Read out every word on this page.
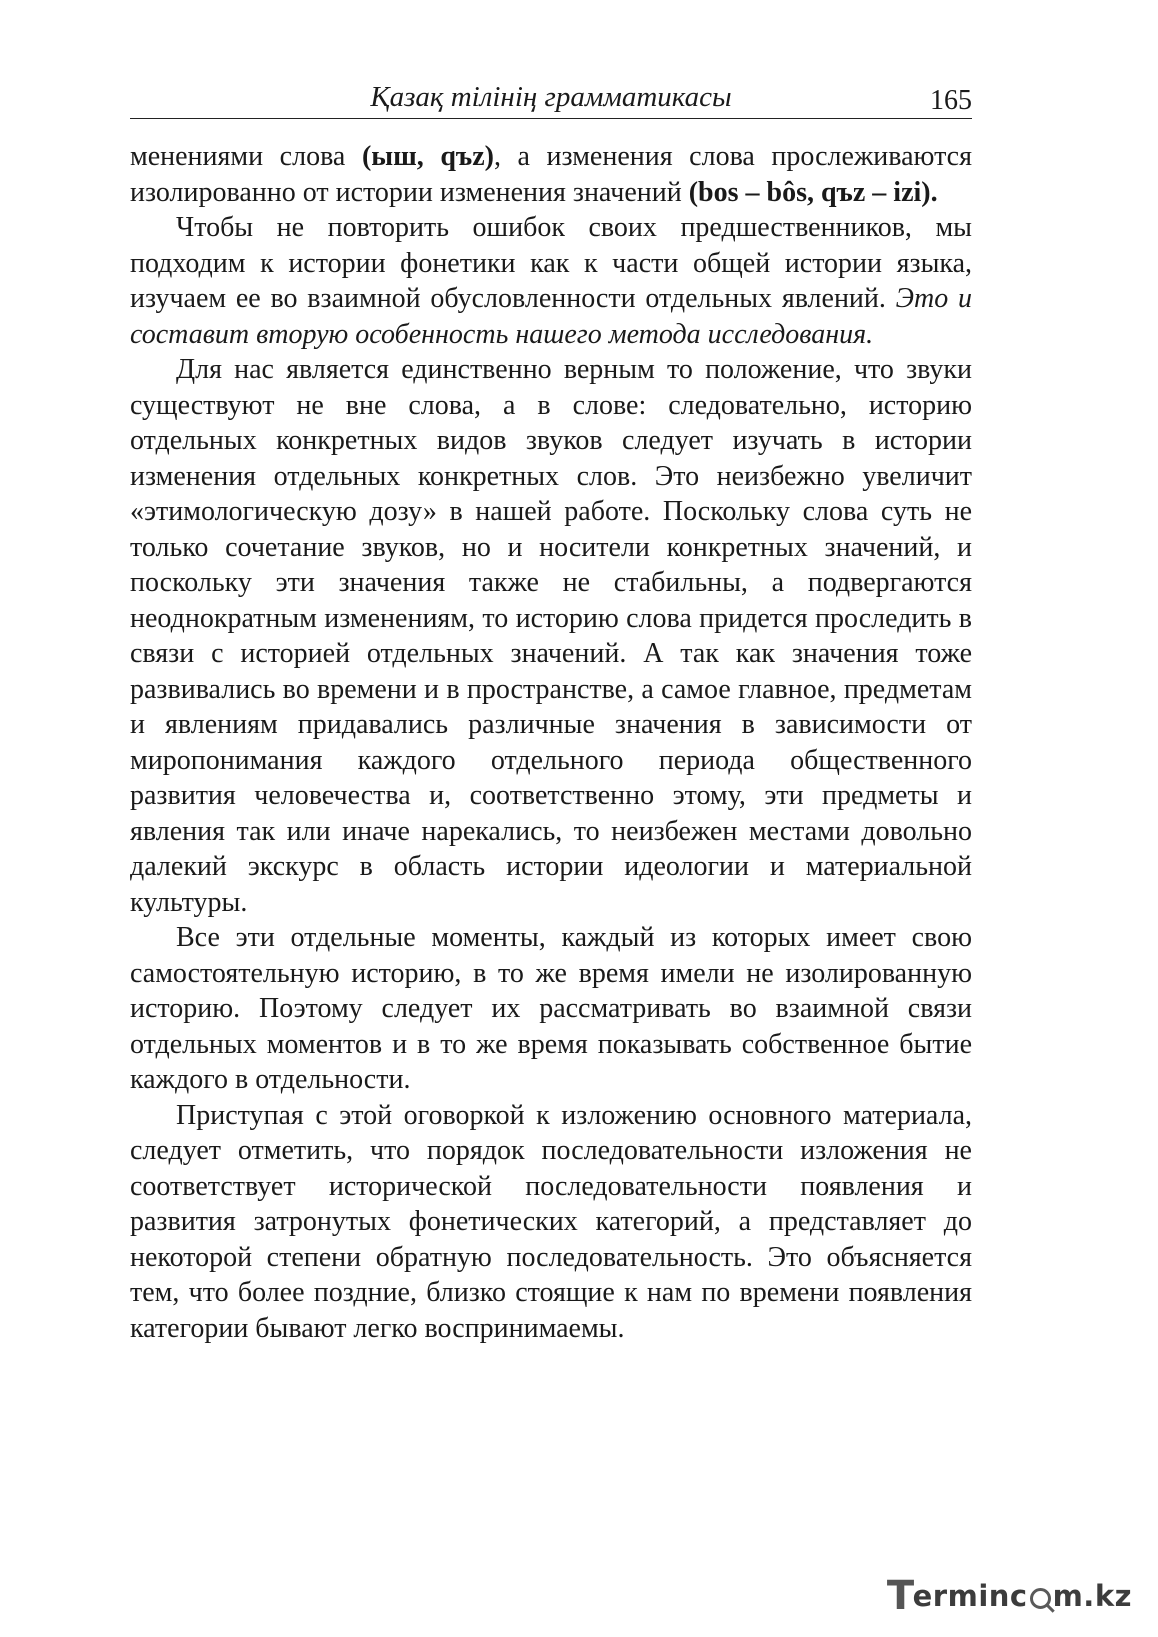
Қазақ тілінің грамматикасы	165

менениями слова (ыш, qъz), а изменения слова прослеживаются изолированно от истории изменения значений (bos – bôs, qъz – izi).

Чтобы не повторить ошибок своих предшественников, мы подходим к истории фонетики как к части общей истории языка, изучаем ее во взаимной обусловленности отдельных явлений. Это и составит вторую особенность нашего метода исследования.

Для нас является единственно верным то положение, что звуки существуют не вне слова, а в слове: следовательно, историю отдельных конкретных видов звуков следует изучать в истории изменения отдельных конкретных слов. Это неизбежно увеличит «этимологическую дозу» в нашей работе. Поскольку слова суть не только сочетание звуков, но и носители конкретных значений, и поскольку эти значения также не стабильны, а подвергаются неоднократным изменениям, то историю слова придется проследить в связи с историей отдельных значений. А так как значения тоже развивались во времени и в пространстве, а самое главное, предметам и явлениям придавались различные значения в зависимости от миропонимания каждого отдельного периода общественного развития человечества и, соответственно этому, эти предметы и явления так или иначе нарекались, то неизбежен местами довольно далекий экскурс в область истории идеологии и материальной культуры.

Все эти отдельные моменты, каждый из которых имеет свою самостоятельную историю, в то же время имели не изолированную историю. Поэтому следует их рассматривать во взаимной связи отдельных моментов и в то же время показывать собственное бытие каждого в отдельности.

Приступая с этой оговоркой к изложению основного материала, следует отметить, что порядок последовательности изложения не соответствует исторической последовательности появления и развития затронутых фонетических категорий, а представляет до некоторой степени обратную последовательность. Это объясняется тем, что более поздние, близко стоящие к нам по времени появления категории бывают легко воспринимаемы.

T
erminc m.kz
